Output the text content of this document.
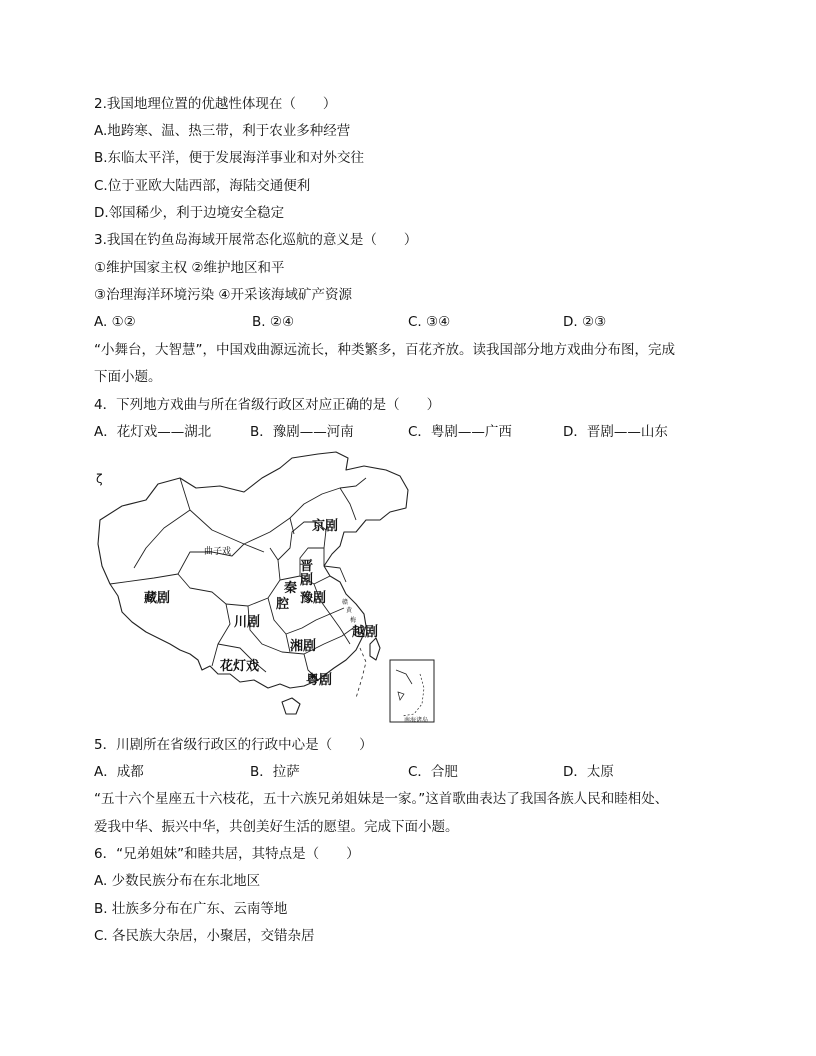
2.我国地理位置的优越性体现在（　　）
A.地跨寒、温、热三带，利于农业多种经营
B.东临太平洋，便于发展海洋事业和对外交往
C.位于亚欧大陆西部，海陆交通便利
D.邻国稀少，利于边境安全稳定
3.我国在钓鱼岛海域开展常态化巡航的意义是（　　）
①维护国家主权 ②维护地区和平
③治理海洋环境污染 ④开采该海域矿产资源
A. ①②	B. ②④	C. ③④	D. ②③
“小舞台，大智慧”，中国戏曲源远流长，种类繁多，百花齐放。读我国部分地方戏曲分布图，完成
下面小题。
4．下列地方戏曲与所在省级行政区对应正确的是（　　）
A．花灯戏——湖北	B．豫剧——河南	C．粤剧——广西	D．晋剧——山东
ζ
京剧
曲子戏
晋剧
秦
腔 豫剧
藏剧
川剧
湘剧
越剧
花灯戏
粤剧
赣
黄
梅
南海诸岛
5．川剧所在省级行政区的行政中心是（　　）
A．成都	B．拉萨	C．合肥	D．太原
“五十六个星座五十六枝花，五十六族兄弟姐妹是一家。”这首歌曲表达了我国各族人民和睦相处、
爱我中华、振兴中华，共创美好生活的愿望。完成下面小题。
6．“兄弟姐妹”和睦共居，其特点是（　　）
A. 少数民族分布在东北地区
B. 壮族多分布在广东、云南等地
C. 各民族大杂居，小聚居，交错杂居
